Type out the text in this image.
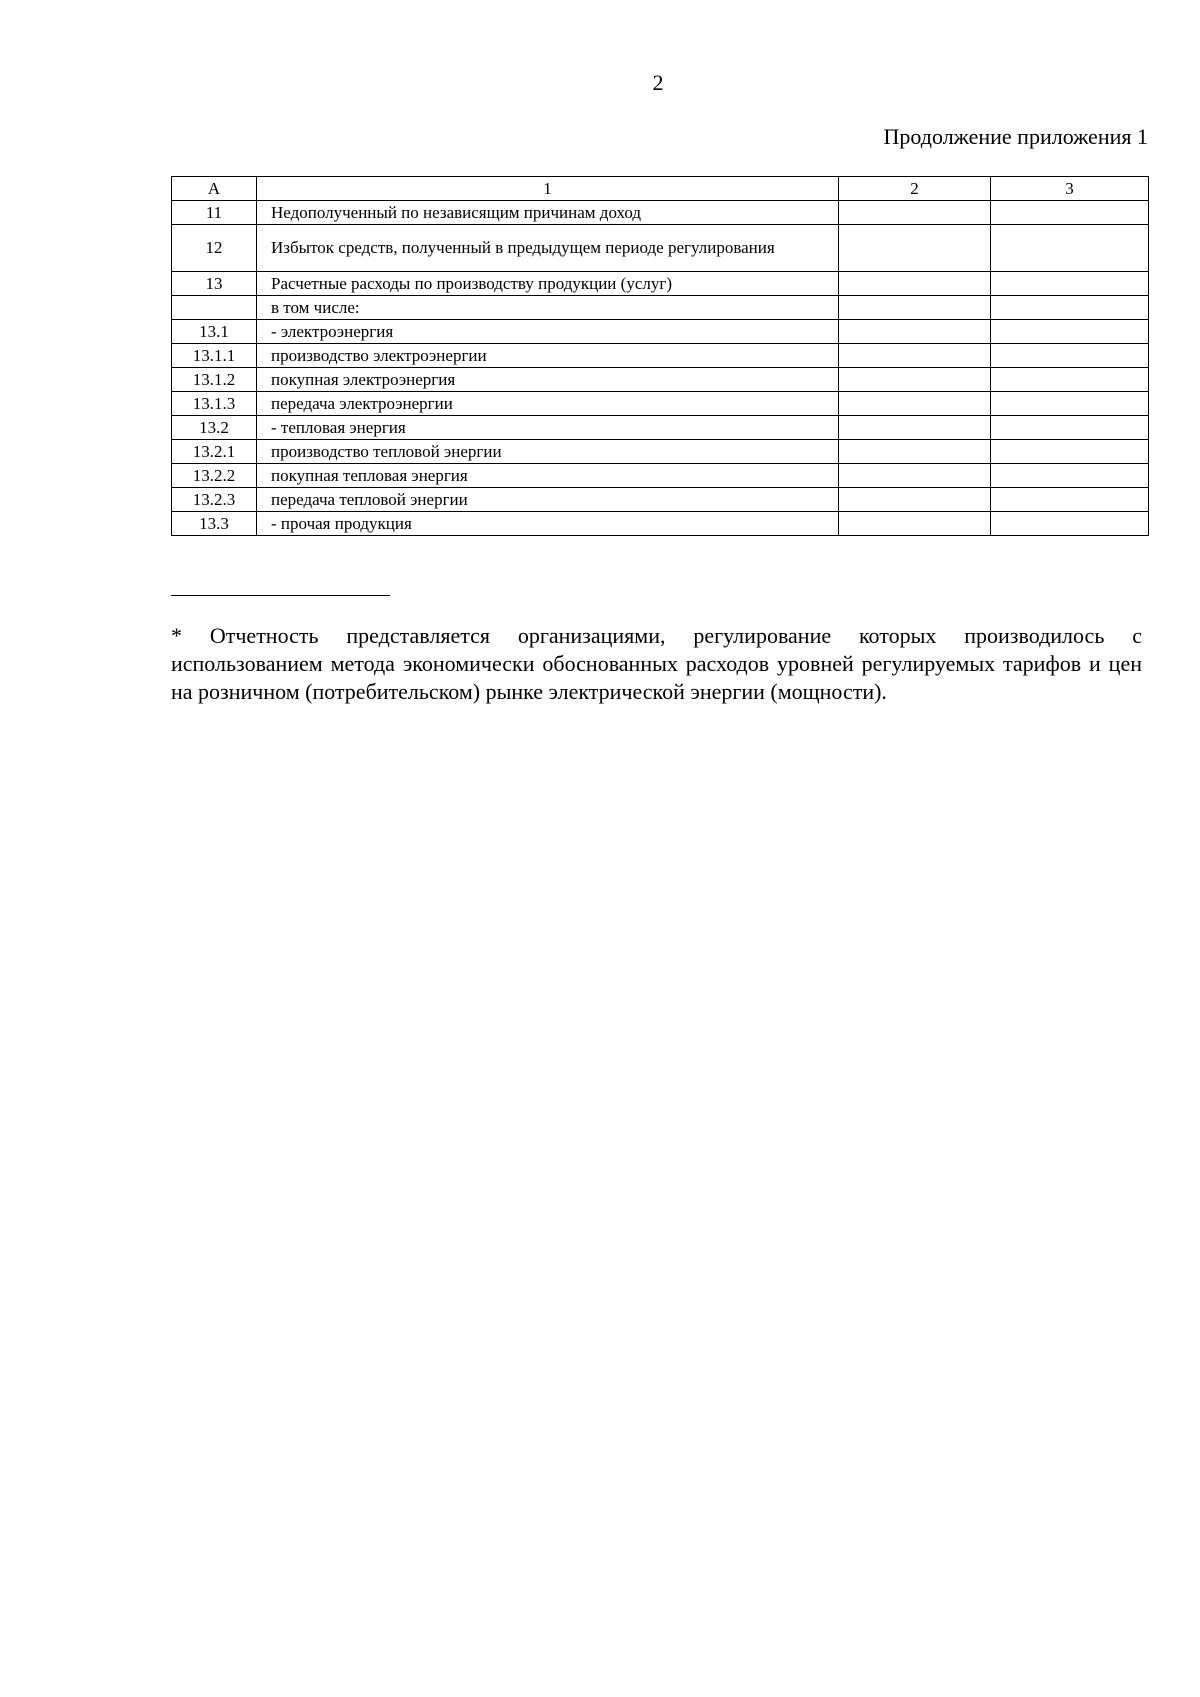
2
Продолжение приложения 1
А	1	2	3
11	Недополученный по независящим причинам доход		
12	Избыток средств, полученный в предыдущем периоде регулирования		
13	Расчетные расходы по производству продукции (услуг)		
	в том числе:		
13.1	- электроэнергия		
13.1.1	производство электроэнергии		
13.1.2	покупная электроэнергия		
13.1.3	передача электроэнергии		
13.2	- тепловая энергия		
13.2.1	производство тепловой энергии		
13.2.2	покупная тепловая энергия		
13.2.3	передача тепловой энергии		
13.3	- прочая продукция		

* Отчетность представляется организациями, регулирование которых производилось с использованием метода экономически обоснованных расходов уровней регулируемых тарифов и цен на розничном (потребительском) рынке электрической энергии (мощности).
